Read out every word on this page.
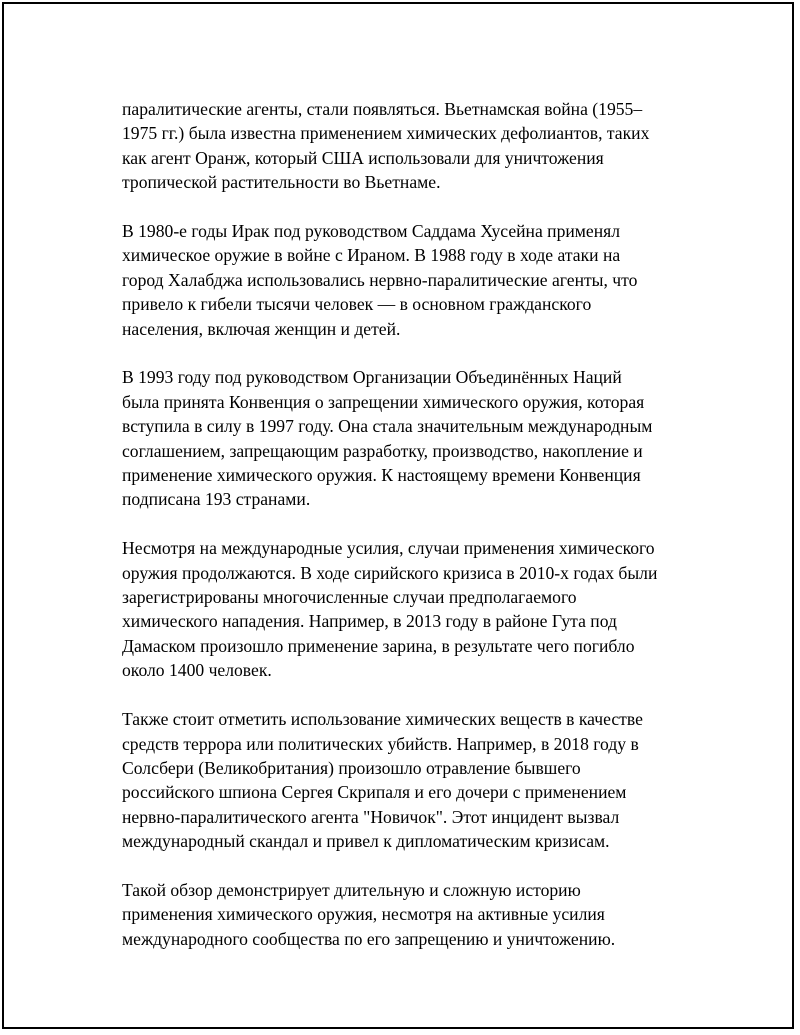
паралитические агенты, стали появляться. Вьетнамская война (1955–
1975 гг.) была известна применением химических дефолиантов, таких
как агент Оранж, который США использовали для уничтожения
тропической растительности во Вьетнаме.

В 1980-е годы Ирак под руководством Саддама Хусейна применял
химическое оружие в войне с Ираном. В 1988 году в ходе атаки на
город Халабджа использовались нервно-паралитические агенты, что
привело к гибели тысячи человек — в основном гражданского
населения, включая женщин и детей.

В 1993 году под руководством Организации Объединённых Наций
была принята Конвенция о запрещении химического оружия, которая
вступила в силу в 1997 году. Она стала значительным международным
соглашением, запрещающим разработку, производство, накопление и
применение химического оружия. К настоящему времени Конвенция
подписана 193 странами.

Несмотря на международные усилия, случаи применения химического
оружия продолжаются. В ходе сирийского кризиса в 2010-х годах были
зарегистрированы многочисленные случаи предполагаемого
химического нападения. Например, в 2013 году в районе Гута под
Дамаском произошло применение зарина, в результате чего погибло
около 1400 человек.

Также стоит отметить использование химических веществ в качестве
средств террора или политических убийств. Например, в 2018 году в
Солсбери (Великобритания) произошло отравление бывшего
российского шпиона Сергея Скрипаля и его дочери с применением
нервно-паралитического агента "Новичок". Этот инцидент вызвал
международный скандал и привел к дипломатическим кризисам.

Такой обзор демонстрирует длительную и сложную историю
применения химического оружия, несмотря на активные усилия
международного сообщества по его запрещению и уничтожению.
